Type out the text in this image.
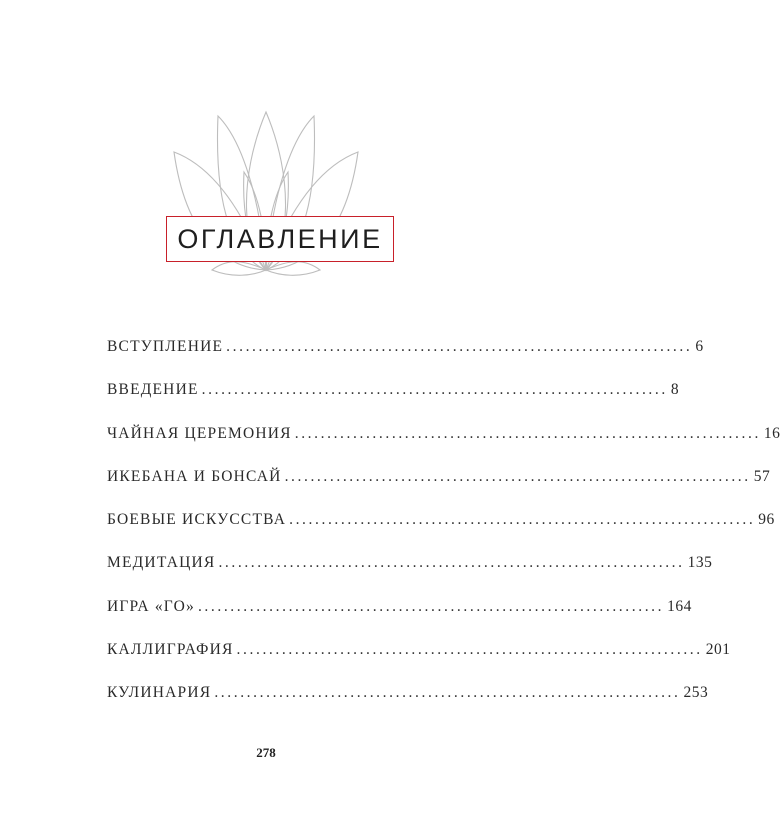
ОГЛАВЛЕНИЕ
ВСТУПЛЕНИЕ ........................................................................ 6
ВВЕДЕНИЕ ........................................................................ 8
ЧАЙНАЯ ЦЕРЕМОНИЯ ........................................................................ 16
ИКЕБАНА И БОНСАЙ ........................................................................ 57
БОЕВЫЕ ИСКУССТВА ........................................................................ 96
МЕДИТАЦИЯ ........................................................................ 135
ИГРА «ГО» ........................................................................ 164
КАЛЛИГРАФИЯ ........................................................................ 201
КУЛИНАРИЯ ........................................................................ 253
278
